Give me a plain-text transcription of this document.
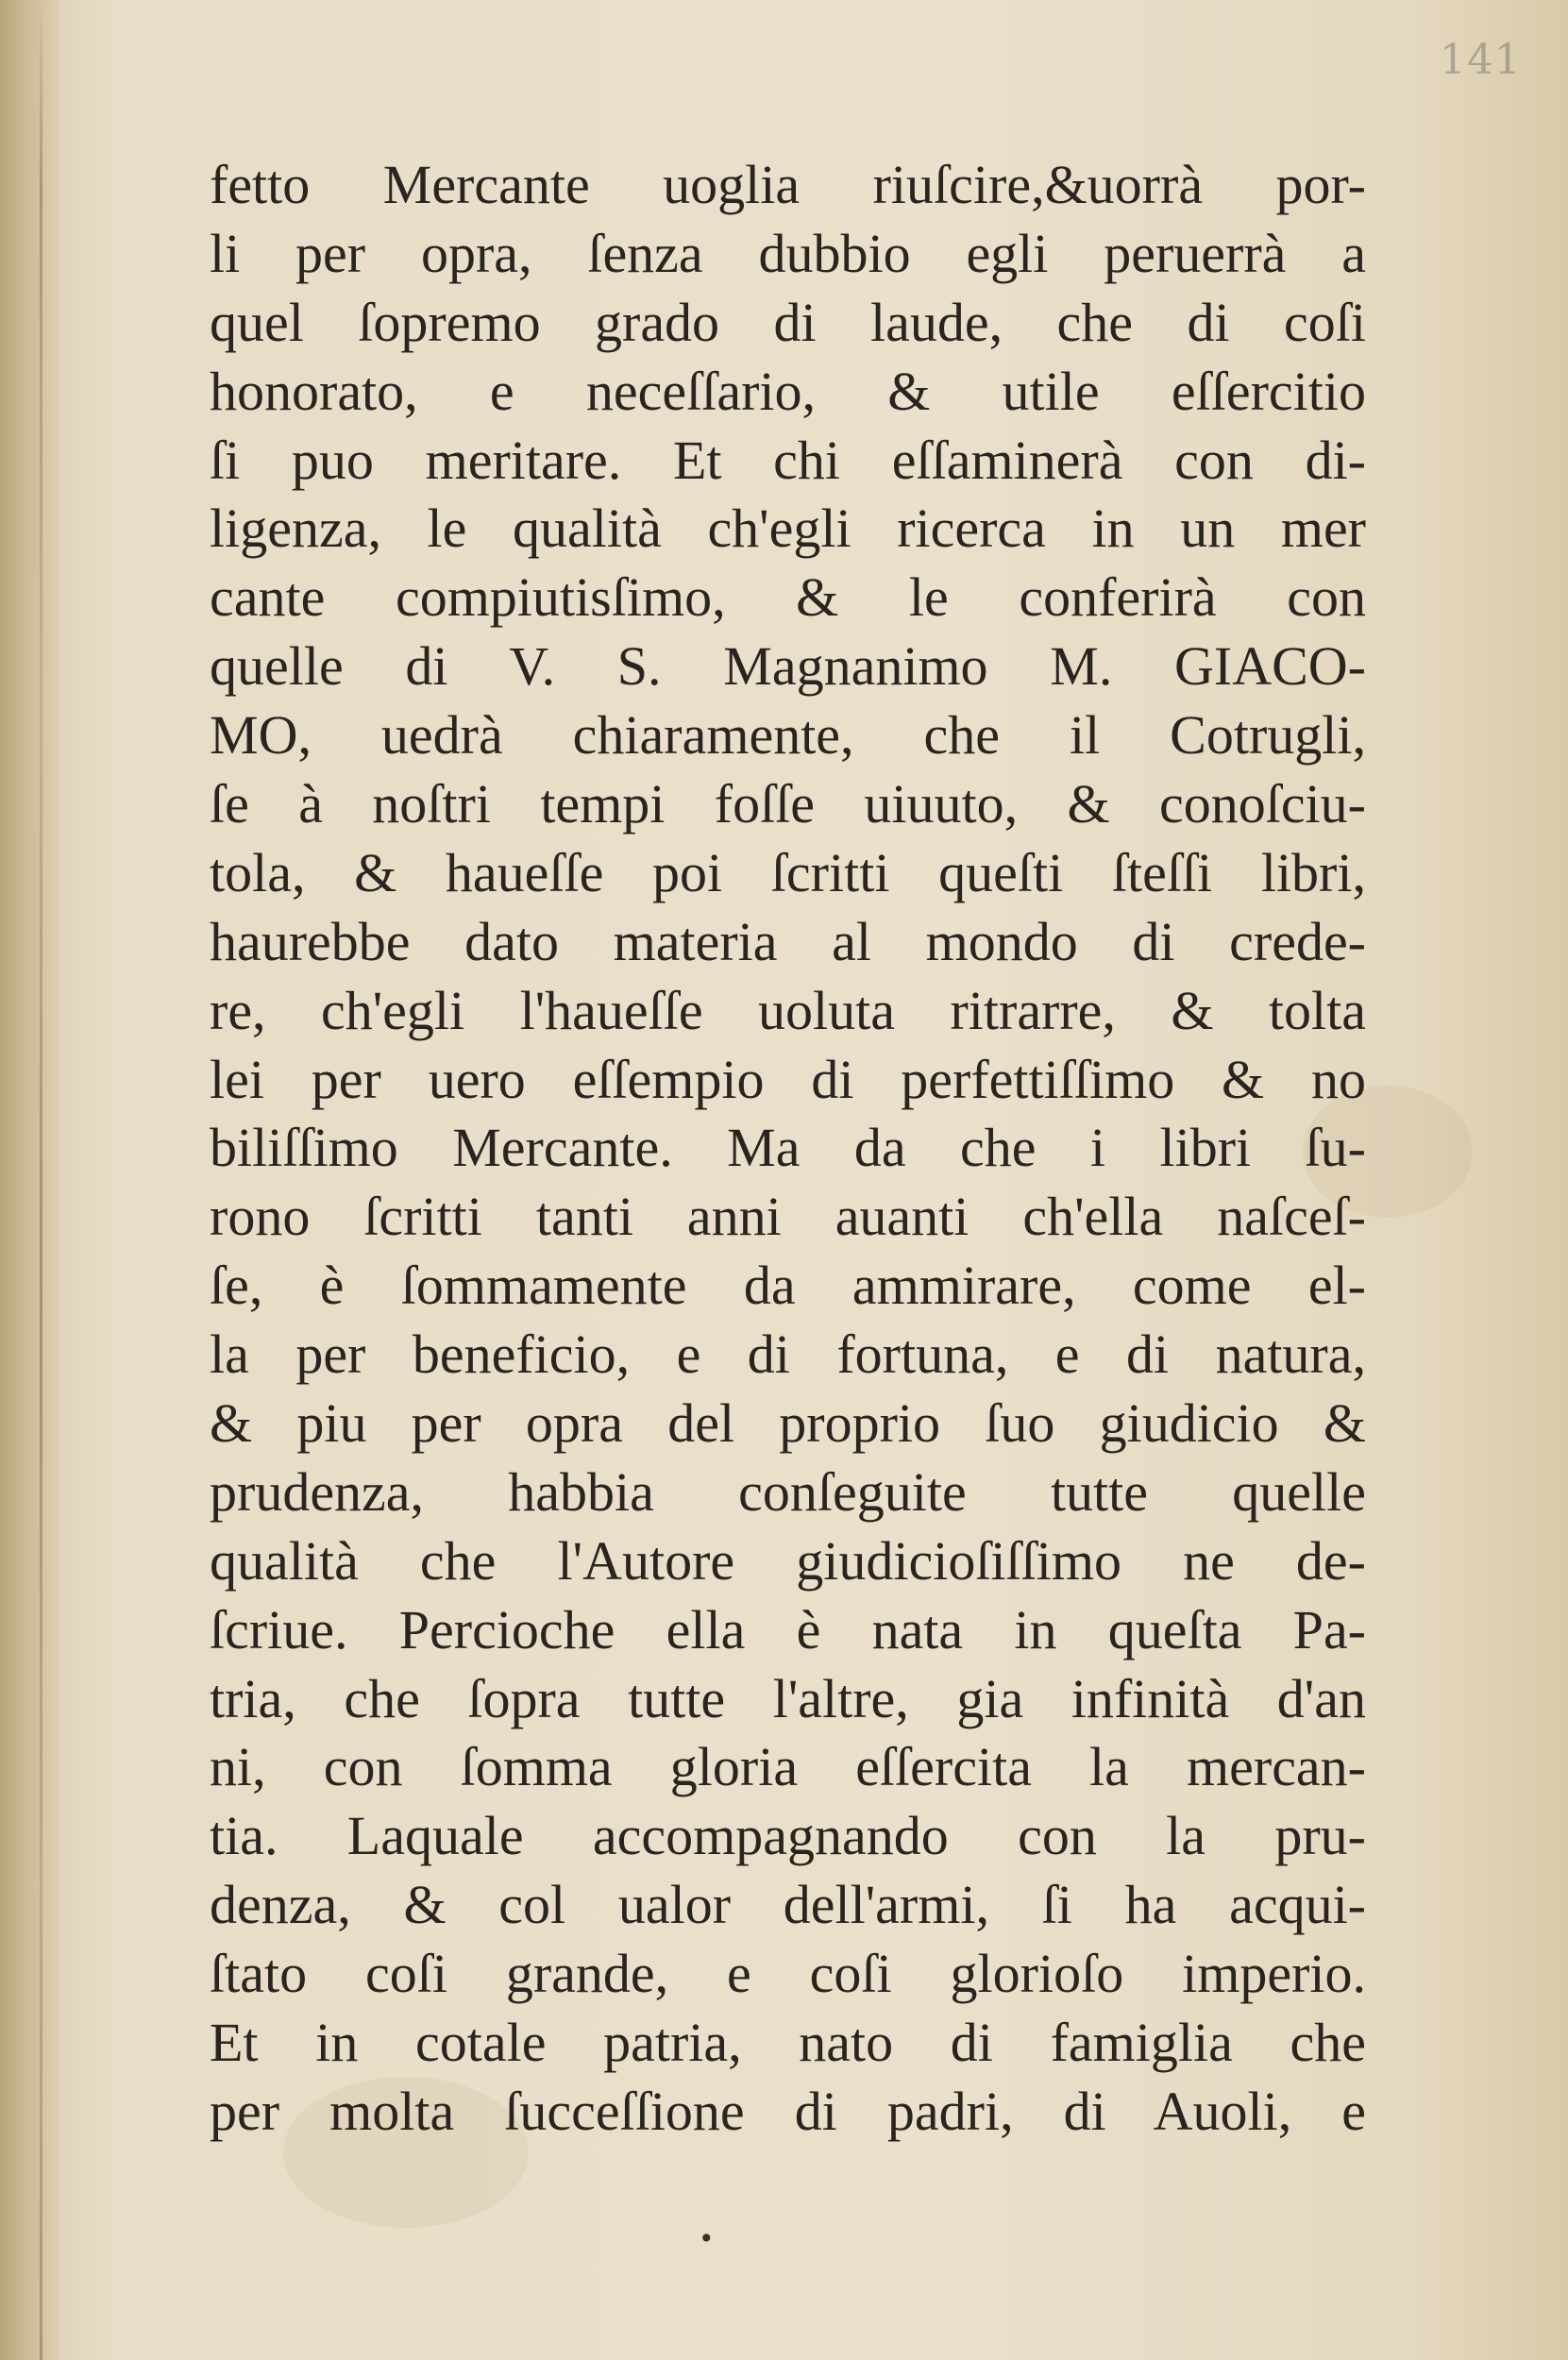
141
fetto Mercante uoglia riuſcire,&uorrà por-
li per opra, ſenza dubbio egli peruerrà a
quel ſopremo grado di laude, che di coſi
honorato, e neceſſario, & utile eſſercitio
ſi puo meritare. Et chi eſſaminerà con di-
ligenza, le qualità ch'egli ricerca in un mer
cante compiutisſimo, & le conferirà con
quelle di V. S. Magnanimo M. GIACO-
MO, uedrà chiaramente, che il Cotrugli,
ſe à noſtri tempi foſſe uiuuto, & conoſciu-
tola, & haueſſe poi ſcritti queſti ſteſſi libri,
haurebbe dato materia al mondo di crede-
re, ch'egli l'haueſſe uoluta ritrarre, & tolta
lei per uero eſſempio di perfettiſſimo & no
biliſſimo Mercante. Ma da che i libri ſu-
rono ſcritti tanti anni auanti ch'ella naſceſ-
ſe, è ſommamente da ammirare, come el-
la per beneficio, e di fortuna, e di natura,
& piu per opra del proprio ſuo giudicio &
prudenza, habbia conſeguite tutte quelle
qualità che l'Autore giudicioſiſſimo ne de-
ſcriue. Percioche ella è nata in queſta Pa-
tria, che ſopra tutte l'altre, gia infinità d'an
ni, con ſomma gloria eſſercita la mercan-
tia. Laquale accompagnando con la pru-
denza, & col ualor dell'armi, ſi ha acqui-
ſtato coſi grande, e coſi glorioſo imperio.
Et in cotale patria, nato di famiglia che
per molta ſucceſſione di padri, di Auoli, e
•
